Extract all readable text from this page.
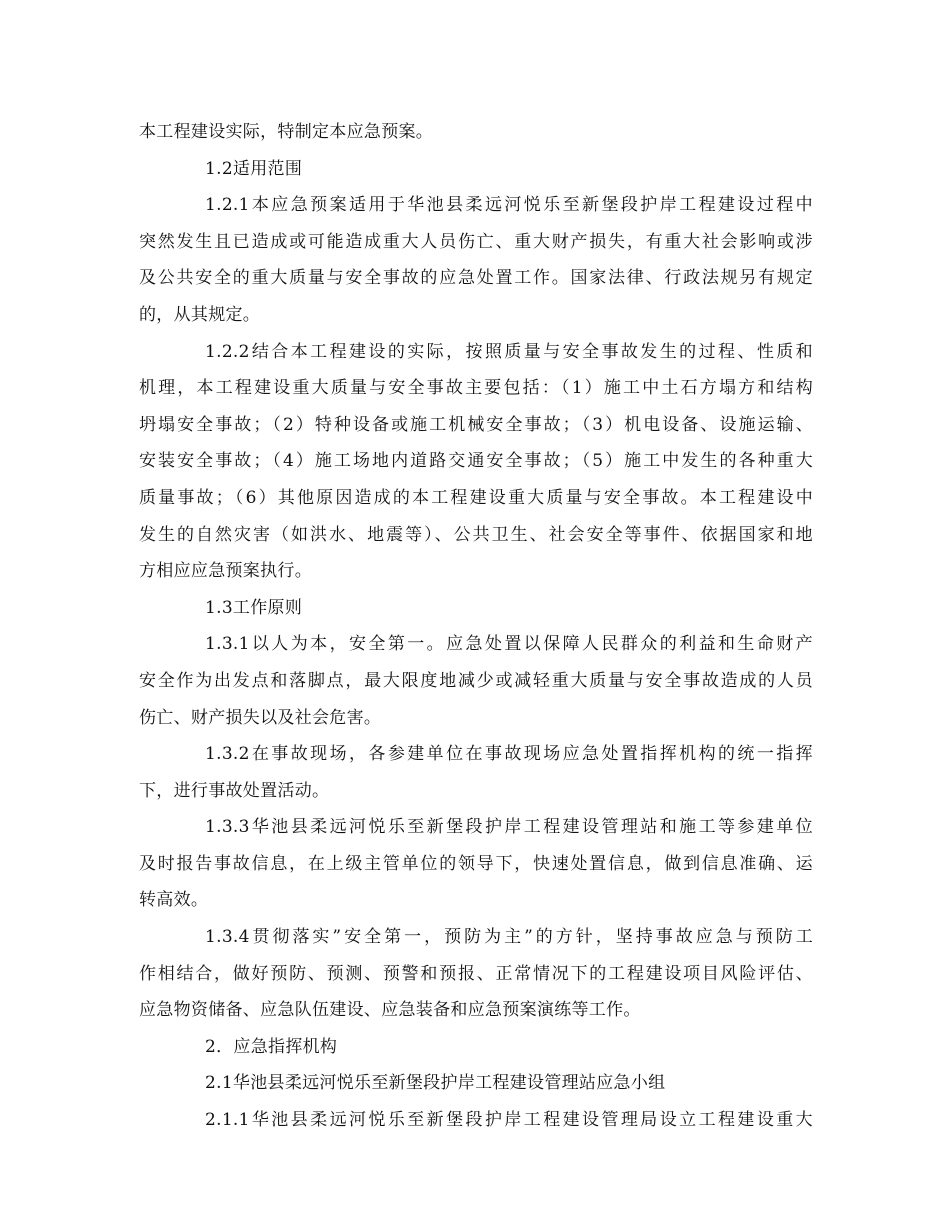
本工程建设实际，特制定本应急预案。
1.2适用范围
1.2.1本应急预案适用于华池县柔远河悦乐至新堡段护岸工程建设过程中
突然发生且已造成或可能造成重大人员伤亡、重大财产损失，有重大社会影响或涉
及公共安全的重大质量与安全事故的应急处置工作。国家法律、行政法规另有规定
的，从其规定。
1.2.2结合本工程建设的实际，按照质量与安全事故发生的过程、性质和
机理，本工程建设重大质量与安全事故主要包括：（1）施工中土石方塌方和结构
坍塌安全事故；（2）特种设备或施工机械安全事故；（3）机电设备、设施运输、
安装安全事故；（4）施工场地内道路交通安全事故；（5）施工中发生的各种重大
质量事故；（6）其他原因造成的本工程建设重大质量与安全事故。本工程建设中
发生的自然灾害（如洪水、地震等）、公共卫生、社会安全等事件、依据国家和地
方相应应急预案执行。
1.3工作原则
1.3.1以人为本，安全第一。应急处置以保障人民群众的利益和生命财产
安全作为出发点和落脚点，最大限度地减少或减轻重大质量与安全事故造成的人员
伤亡、财产损失以及社会危害。
1.3.2在事故现场，各参建单位在事故现场应急处置指挥机构的统一指挥
下，进行事故处置活动。
1.3.3华池县柔远河悦乐至新堡段护岸工程建设管理站和施工等参建单位
及时报告事故信息，在上级主管单位的领导下，快速处置信息，做到信息准确、运
转高效。
1.3.4贯彻落实”安全第一，预防为主”的方针，坚持事故应急与预防工
作相结合，做好预防、预测、预警和预报、正常情况下的工程建设项目风险评估、
应急物资储备、应急队伍建设、应急装备和应急预案演练等工作。
2．应急指挥机构
2.1华池县柔远河悦乐至新堡段护岸工程建设管理站应急小组
2.1.1华池县柔远河悦乐至新堡段护岸工程建设管理局设立工程建设重大
